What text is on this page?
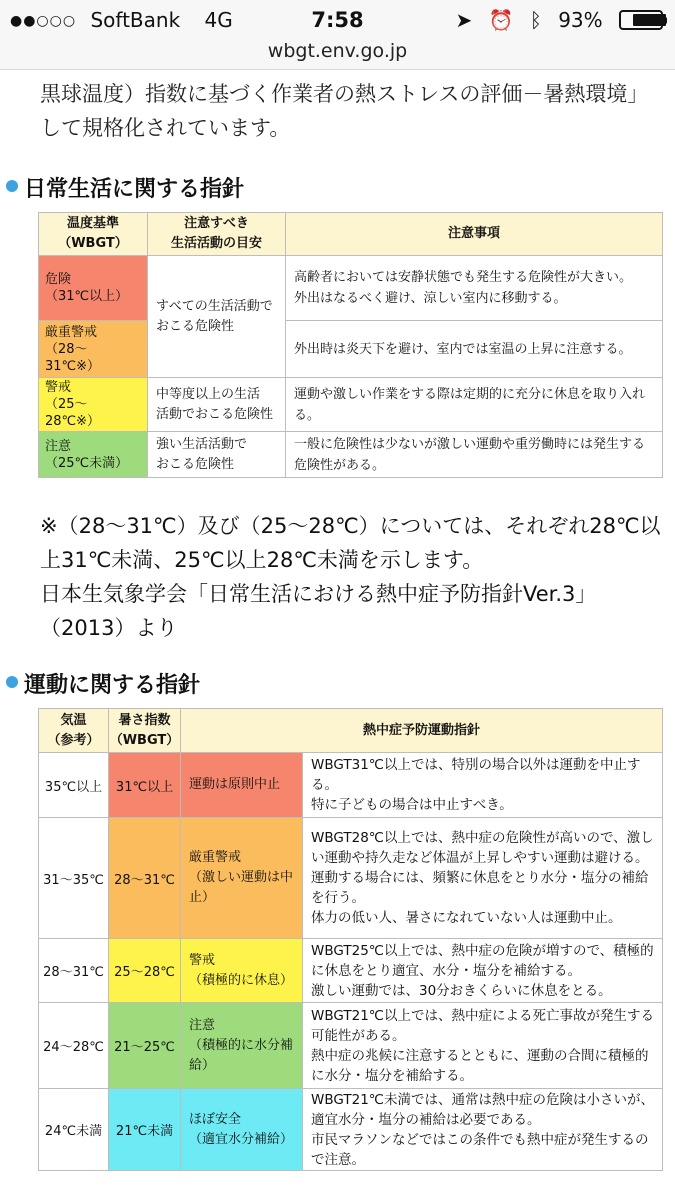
●●○○○ SoftBank 4G	7:58	➤ ⏰ ᛒ 93%
wbgt.env.go.jp
黒球温度）指数に基づく作業者の熱ストレスの評価－暑熱環境」
して規格化されています。
日常生活に関する指針
温度基準
（WBGT）	注意すべき
生活活動の目安	注意事項
危険
（31℃以上）	すべての生活活動で
おこる危険性	高齢者においては安静状態でも発生する危険性が大きい。
外出はなるべく避け、涼しい室内に移動する。
厳重警戒
（28～
31℃※）		外出時は炎天下を避け、室内では室温の上昇に注意する。
警戒
（25～
28℃※）	中等度以上の生活
活動でおこる危険性	運動や激しい作業をする際は定期的に充分に休息を取り入れる。
注意
（25℃未満）	強い生活活動で
おこる危険性	一般に危険性は少ないが激しい運動や重労働時には発生する危険性がある。
※（28～31℃）及び（25～28℃）については、それぞれ28℃以
上31℃未満、25℃以上28℃未満を示します。
日本生気象学会「日常生活における熱中症予防指針Ver.3」
（2013）より
運動に関する指針
気温
（参考）	暑さ指数
（WBGT）	熱中症予防運動指針	
35℃以上	31℃以上	運動は原則中止	WBGT31℃以上では、特別の場合以外は運動を中止する。
特に子どもの場合は中止すべき。
31～35℃	28～31℃	厳重警戒
（激しい運動は中止）	WBGT28℃以上では、熱中症の危険性が高いので、激しい運動や持久走など体温が上昇しやすい運動は避ける。
運動する場合には、頻繁に休息をとり水分・塩分の補給を行う。
体力の低い人、暑さになれていない人は運動中止。
28～31℃	25～28℃	警戒
（積極的に休息）	WBGT25℃以上では、熱中症の危険が増すので、積極的に休息をとり適宜、水分・塩分を補給する。
激しい運動では、30分おきくらいに休息をとる。
24～28℃	21～25℃	注意
（積極的に水分補給）	WBGT21℃以上では、熱中症による死亡事故が発生する可能性がある。
熱中症の兆候に注意するとともに、運動の合間に積極的に水分・塩分を補給する。
24℃未満	21℃未満	ほぼ安全
（適宜水分補給）	WBGT21℃未満では、通常は熱中症の危険は小さいが、適宜水分・塩分の補給は必要である。
市民マラソンなどではこの条件でも熱中症が発生するので注意。
